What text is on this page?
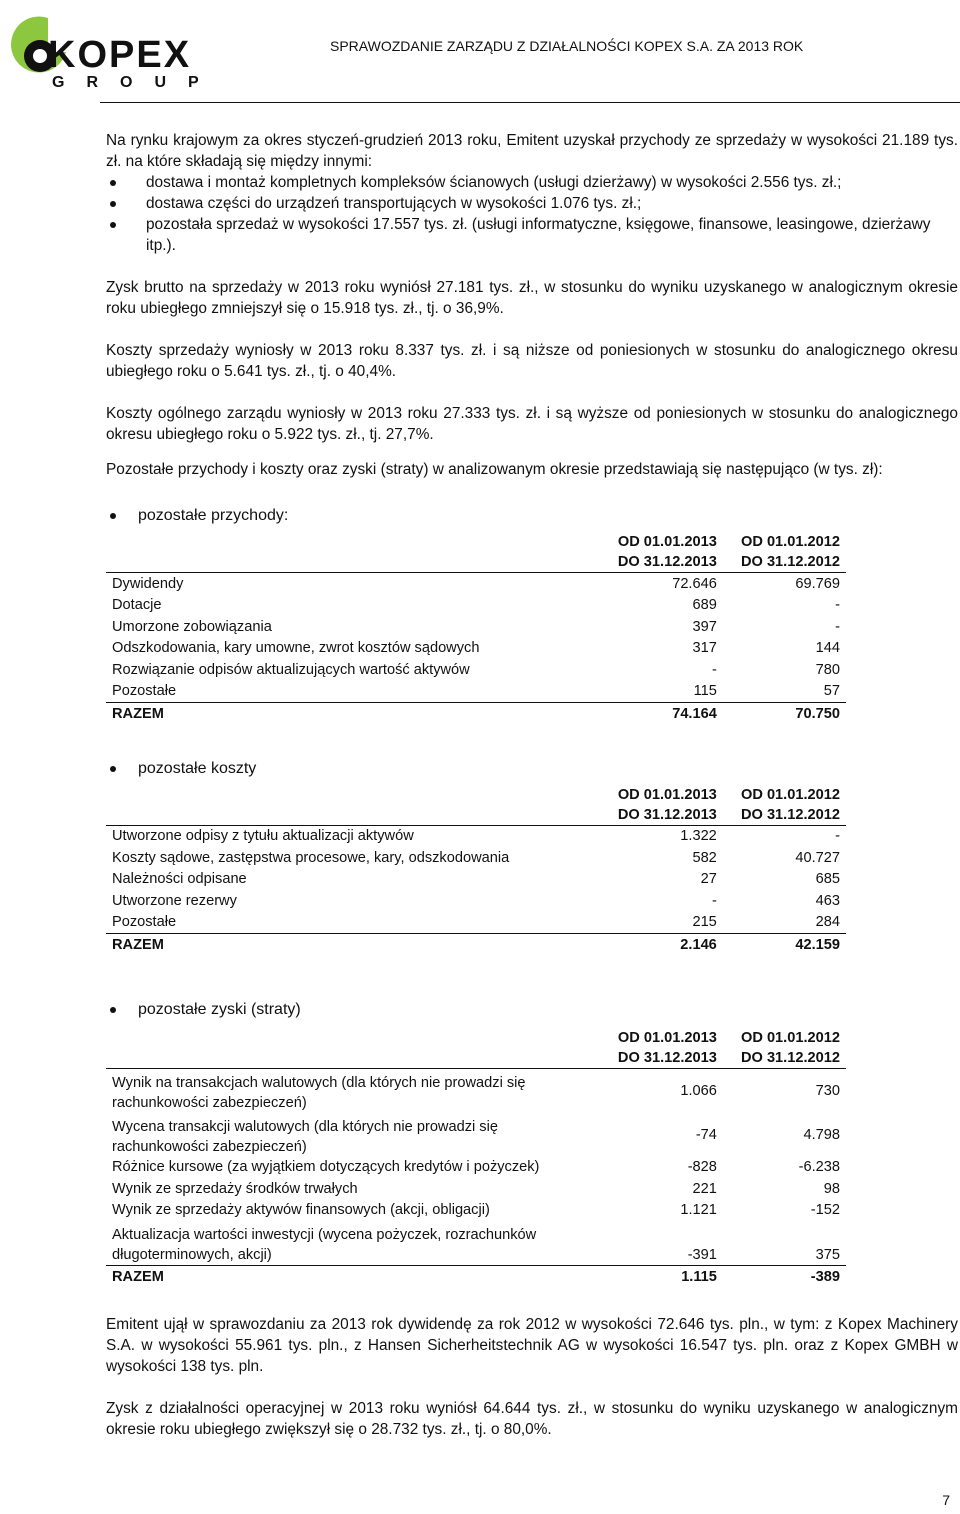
KOPEX
GROUP
SPRAWOZDANIE ZARZĄDU Z DZIAŁALNOŚCI KOPEX S.A. ZA 2013 ROK

Na rynku krajowym za okres styczeń-grudzień 2013 roku, Emitent uzyskał przychody ze sprzedaży w wysokości 21.189 tys. zł. na które składają się między innymi:

dostawa i montaż kompletnych kompleksów ścianowych (usługi dzierżawy) w wysokości 2.556 tys. zł.;
dostawa części do urządzeń transportujących w wysokości 1.076 tys. zł.;
pozostała sprzedaż w wysokości 17.557 tys. zł. (usługi informatyczne, księgowe, finansowe, leasingowe, dzierżawy itp.).

Zysk brutto na sprzedaży w 2013 roku wyniósł 27.181 tys. zł., w stosunku do wyniku uzyskanego w analogicznym okresie roku ubiegłego zmniejszył się o 15.918 tys. zł., tj. o 36,9%.

Koszty sprzedaży wyniosły w 2013 roku 8.337 tys. zł. i są niższe od poniesionych w stosunku do analogicznego okresu ubiegłego roku o 5.641 tys. zł., tj. o 40,4%.

Koszty ogólnego zarządu wyniosły w 2013 roku 27.333 tys. zł. i są wyższe od poniesionych w stosunku do analogicznego okresu ubiegłego roku o 5.922 tys. zł., tj. 27,7%.

Pozostałe przychody i koszty oraz zyski (straty) w analizowanym okresie przedstawiają się następująco (w tys. zł):

pozostałe przychody:
	OD 01.01.2013
DO 31.12.2013	OD 01.01.2012
DO 31.12.2012
Dywidendy	72.646	69.769
Dotacje	689	-
Umorzone zobowiązania	397	-
Odszkodowania, kary umowne, zwrot kosztów sądowych	317	144
Rozwiązanie odpisów aktualizujących wartość aktywów	-	780
Pozostałe	115	57
RAZEM	74.164	70.750
pozostałe koszty
	OD 01.01.2013
DO 31.12.2013	OD 01.01.2012
DO 31.12.2012
Utworzone odpisy z tytułu aktualizacji aktywów	1.322	-
Koszty sądowe, zastępstwa procesowe, kary, odszkodowania	582	40.727
Należności odpisane	27	685
Utworzone rezerwy	-	463
Pozostałe	215	284
RAZEM	2.146	42.159
pozostałe zyski (straty)
	OD 01.01.2013
DO 31.12.2013	OD 01.01.2012
DO 31.12.2012
Wynik na transakcjach walutowych (dla których nie prowadzi się rachunkowości zabezpieczeń)	1.066	730
Wycena transakcji walutowych (dla których nie prowadzi się rachunkowości zabezpieczeń)	-74	4.798
Różnice kursowe (za wyjątkiem dotyczących kredytów i pożyczek)	-828	-6.238
Wynik ze sprzedaży środków trwałych	221	98
Wynik ze sprzedaży aktywów finansowych (akcji, obligacji)	1.121	-152
Aktualizacja wartości inwestycji (wycena pożyczek, rozrachunków długoterminowych, akcji)	-391	375
RAZEM	1.115	-389

Emitent ujął w sprawozdaniu za 2013 rok dywidendę za rok 2012 w wysokości 72.646 tys. pln., w tym: z Kopex Machinery S.A. w wysokości 55.961 tys. pln., z Hansen Sicherheitstechnik AG w wysokości 16.547 tys. pln. oraz z Kopex GMBH w wysokości 138 tys. pln.

Zysk z działalności operacyjnej w 2013 roku wyniósł 64.644 tys. zł., w stosunku do wyniku uzyskanego w analogicznym okresie roku ubiegłego zwiększył się o 28.732 tys. zł., tj. o 80,0%.

7
